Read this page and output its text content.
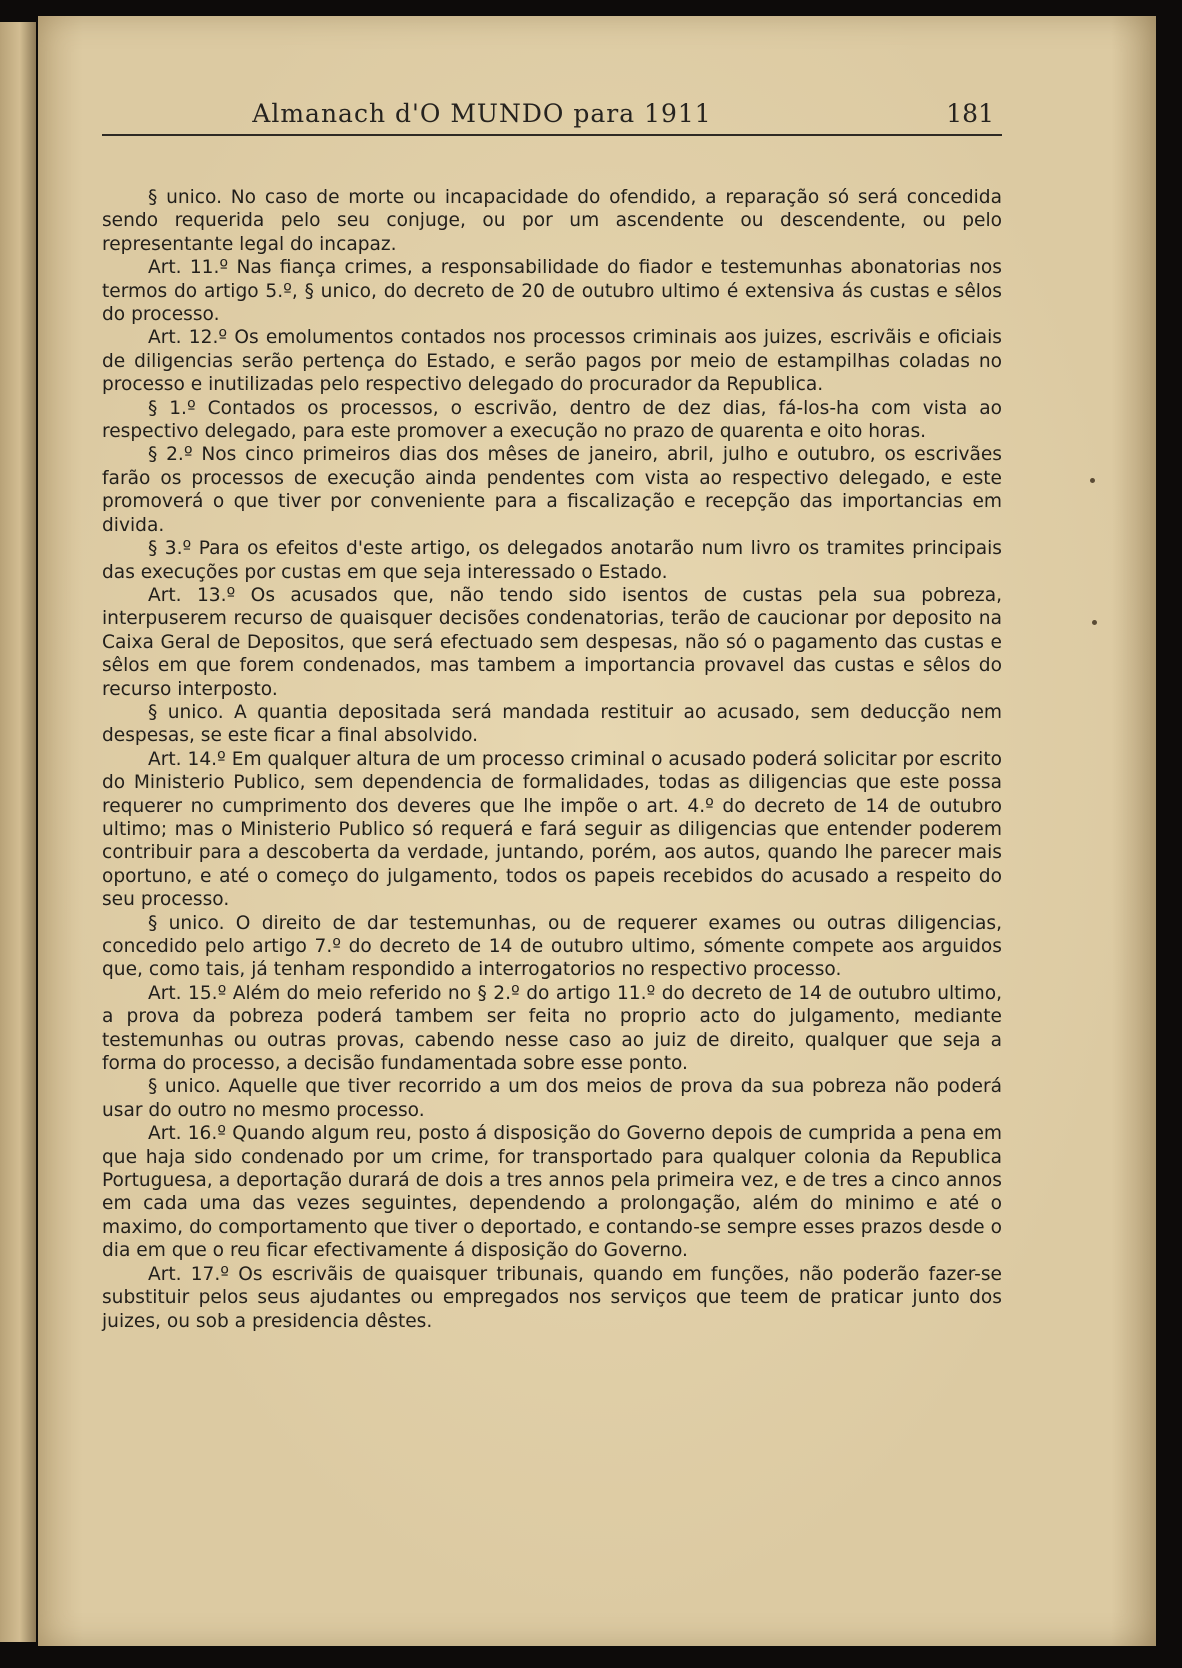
Almanach d'O MUNDO para 1911	181

§ unico. No caso de morte ou incapacidade do ofendido, a reparação só será concedida sendo requerida pelo seu conjuge, ou por um ascendente ou descendente, ou pelo representante legal do incapaz.

Art. 11.º Nas fiança crimes, a responsabilidade do fiador e testemunhas abonatorias nos termos do artigo 5.º, § unico, do decreto de 20 de outubro ultimo é extensiva ás custas e sêlos do processo.

Art. 12.º Os emolumentos contados nos processos criminais aos juizes, escrivãis e oficiais de diligencias serão pertença do Estado, e serão pagos por meio de estampilhas coladas no processo e inutilizadas pelo respectivo delegado do procurador da Republica.

§ 1.º Contados os processos, o escrivão, dentro de dez dias, fá-los-ha com vista ao respectivo delegado, para este promover a execução no prazo de quarenta e oito horas.

§ 2.º Nos cinco primeiros dias dos mêses de janeiro, abril, julho e outubro, os escrivães farão os processos de execução ainda pendentes com vista ao respectivo delegado, e este promoverá o que tiver por conveniente para a fiscalização e recepção das importancias em divida.

§ 3.º Para os efeitos d'este artigo, os delegados anotarão num livro os tramites principais das execuções por custas em que seja interessado o Estado.

Art. 13.º Os acusados que, não tendo sido isentos de custas pela sua pobreza, interpuserem recurso de quaisquer decisões condenatorias, terão de caucionar por deposito na Caixa Geral de Depositos, que será efectuado sem despesas, não só o pagamento das custas e sêlos em que forem condenados, mas tambem a importancia provavel das custas e sêlos do recurso interposto.

§ unico. A quantia depositada será mandada restituir ao acusado, sem deducção nem despesas, se este ficar a final absolvido.

Art. 14.º Em qualquer altura de um processo criminal o acusado poderá solicitar por escrito do Ministerio Publico, sem dependencia de formalidades, todas as diligencias que este possa requerer no cumprimento dos deveres que lhe impõe o art. 4.º do decreto de 14 de outubro ultimo; mas o Ministerio Publico só requerá e fará seguir as diligencias que entender poderem contribuir para a descoberta da verdade, juntando, porém, aos autos, quando lhe parecer mais oportuno, e até o começo do julgamento, todos os papeis recebidos do acusado a respeito do seu processo.

§ unico. O direito de dar testemunhas, ou de requerer exames ou outras diligencias, concedido pelo artigo 7.º do decreto de 14 de outubro ultimo, sómente compete aos arguidos que, como tais, já tenham respondido a interrogatorios no respectivo processo.

Art. 15.º Além do meio referido no § 2.º do artigo 11.º do decreto de 14 de outubro ultimo, a prova da pobreza poderá tambem ser feita no proprio acto do julgamento, mediante testemunhas ou outras provas, cabendo nesse caso ao juiz de direito, qualquer que seja a forma do processo, a decisão fundamentada sobre esse ponto.

§ unico. Aquelle que tiver recorrido a um dos meios de prova da sua pobreza não poderá usar do outro no mesmo processo.

Art. 16.º Quando algum reu, posto á disposição do Governo depois de cumprida a pena em que haja sido condenado por um crime, for transportado para qualquer colonia da Republica Portuguesa, a deportação durará de dois a tres annos pela primeira vez, e de tres a cinco annos em cada uma das vezes seguintes, dependendo a prolongação, além do minimo e até o maximo, do comportamento que tiver o deportado, e contando-se sempre esses prazos desde o dia em que o reu ficar efectivamente á disposição do Governo.

Art. 17.º Os escrivãis de quaisquer tribunais, quando em funções, não poderão fazer-se substituir pelos seus ajudantes ou empregados nos serviços que teem de praticar junto dos juizes, ou sob a presidencia dêstes.
